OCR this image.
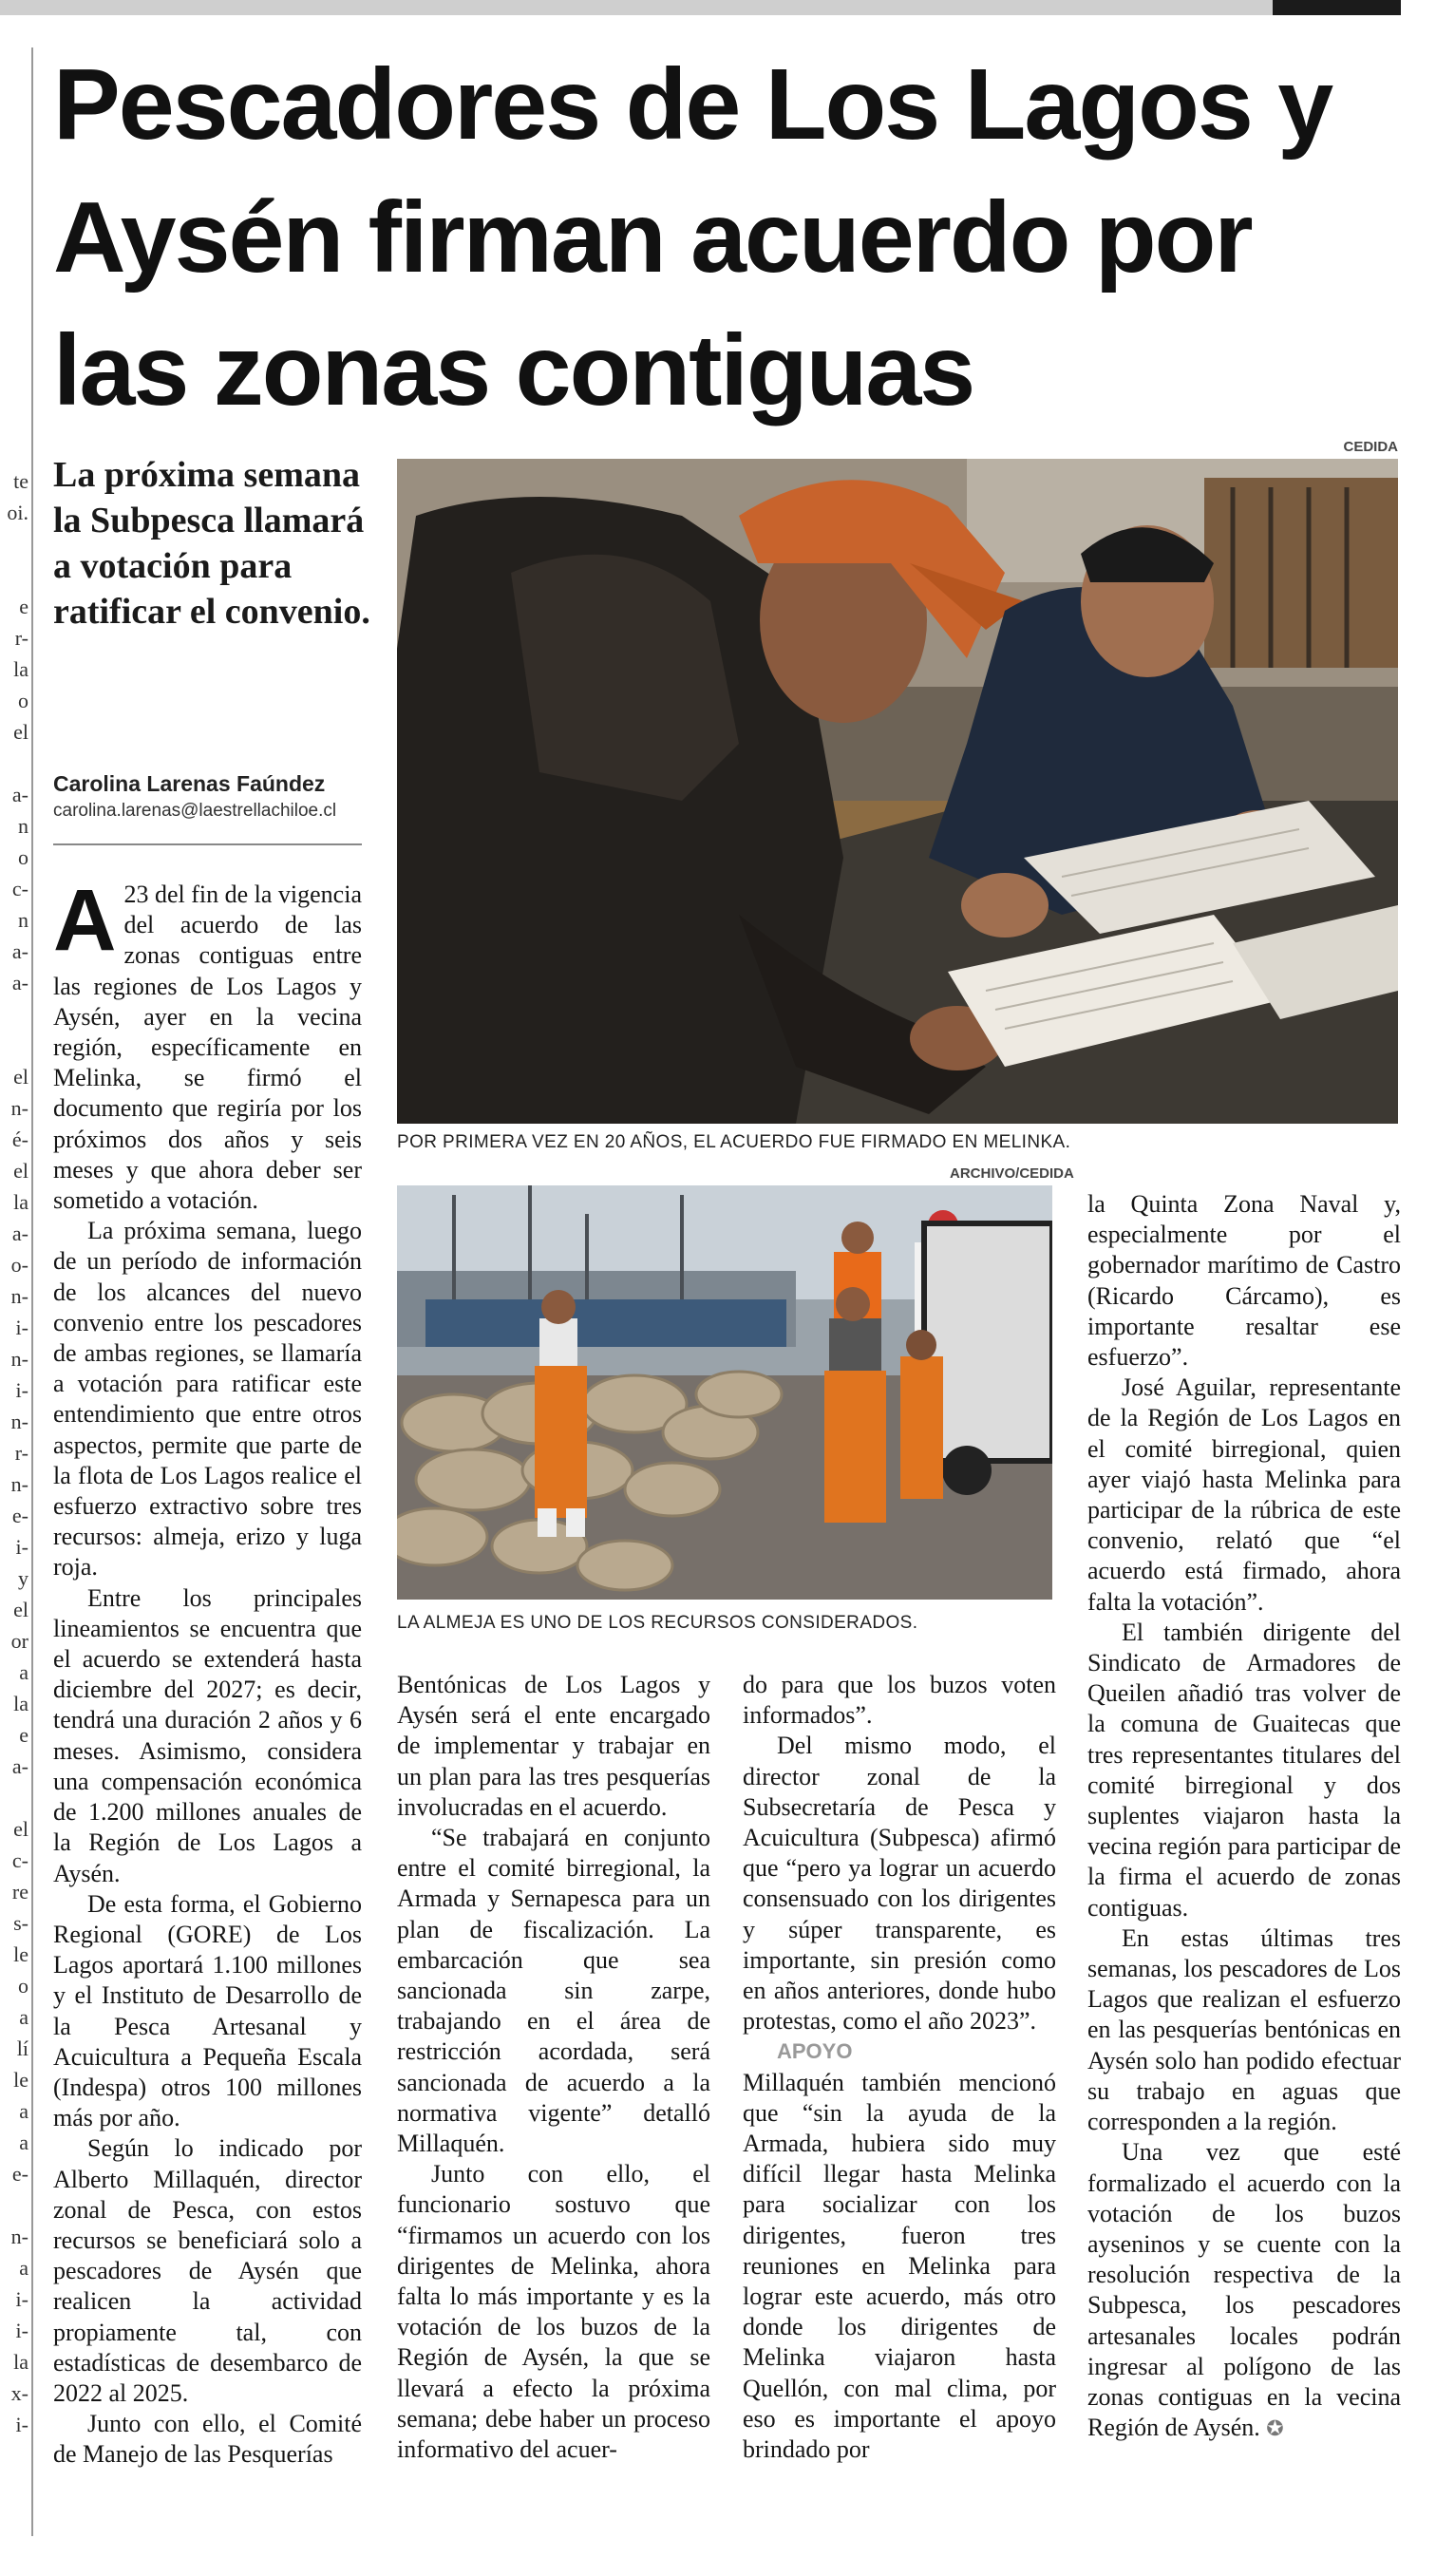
te
oi.
e
r-
la
o
el
a-
n
o
c-
n
a-
a-
el
n-
é-
el
la
a-
o-
n-
i-
n-
i-
n-
r-
n-
e-
i-
y
el
or
a
la
e
a-
el
c-
re
s-
le
o
a
lí
le
a
a
e-
n-
a
i-
i-
la
x-
i-
Pescadores de Los Lagos y Aysén firman acuerdo por las zonas contiguas

La próxima semana la Subpesca llamará a votación para ratificar el convenio.

Carolina Larenas Faúndez
carolina.larenas@laestrellachiloe.cl
CEDIDA
POR PRIMERA VEZ EN 20 AÑOS, EL ACUERDO FUE FIRMADO EN MELINKA.
ARCHIVO/CEDIDA
LA ALMEJA ES UNO DE LOS RECURSOS CONSIDERADOS.

A 23 del fin de la vigencia del acuerdo de las zonas contiguas entre las regiones de Los Lagos y Aysén, ayer en la vecina región, específicamente en Melinka, se firmó el documento que regiría por los próximos dos años y seis meses y que ahora deber ser sometido a votación.

La próxima semana, luego de un período de información de los alcances del nuevo convenio entre los pescadores de ambas regiones, se llamaría a votación para ratificar este entendimiento que entre otros aspectos, permite que parte de la flota de Los Lagos realice el esfuerzo extractivo sobre tres recursos: almeja, erizo y luga roja.

Entre los principales lineamientos se encuentra que el acuerdo se extenderá hasta diciembre del 2027; es decir, tendrá una duración 2 años y 6 meses. Asimismo, considera una compensación económica de 1.200 millones anuales de la Región de Los Lagos a Aysén.

De esta forma, el Gobierno Regional (GORE) de Los Lagos aportará 1.100 millones y el Instituto de Desarrollo de la Pesca Artesanal y Acuicultura a Pequeña Escala (Indespa) otros 100 millones más por año.

Según lo indicado por Alberto Millaquén, director zonal de Pesca, con estos recursos se beneficiará solo a pescadores de Aysén que realicen la actividad propiamente tal, con estadísticas de desembarco de 2022 al 2025.

Junto con ello, el Comité de Manejo de las Pesquerías

Bentónicas de Los Lagos y Aysén será el ente encargado de implementar y trabajar en un plan para las tres pesquerías involucradas en el acuerdo.

“Se trabajará en conjunto entre el comité birregional, la Armada y Sernapesca para un plan de fiscalización. La embarcación que sea sancionada sin zarpe, trabajando en el área de restricción acordada, será sancionada de acuerdo a la normativa vigente” detalló Millaquén.

Junto con ello, el funcionario sostuvo que “firmamos un acuerdo con los dirigentes de Melinka, ahora falta lo más importante y es la votación de los buzos de la Región de Aysén, la que se llevará a efecto la próxima semana; debe haber un proceso informativo del acuer-

do para que los buzos voten informados”.

Del mismo modo, el director zonal de la Subsecretaría de Pesca y Acuicultura (Subpesca) afirmó que “pero ya lograr un acuerdo consensuado con los dirigentes y súper transparente, es importante, sin presión como en años anteriores, donde hubo protestas, como el año 2023”.

APOYO

Millaquén también mencionó que “sin la ayuda de la Armada, hubiera sido muy difícil llegar hasta Melinka para socializar con los dirigentes, fueron tres reuniones en Melinka para lograr este acuerdo, más otro donde los dirigentes de Melinka viajaron hasta Quellón, con mal clima, por eso es importante el apoyo brindado por

la Quinta Zona Naval y, especialmente por el gobernador marítimo de Castro (Ricardo Cárcamo), es importante resaltar ese esfuerzo”.

José Aguilar, representante de la Región de Los Lagos en el comité birregional, quien ayer viajó hasta Melinka para participar de la rúbrica de este convenio, relató que “el acuerdo está firmado, ahora falta la votación”.

El también dirigente del Sindicato de Armadores de Queilen añadió tras volver de la comuna de Guaitecas que tres representantes titulares del comité birregional y dos suplentes viajaron hasta la vecina región para participar de la firma el acuerdo de zonas contiguas.

En estas últimas tres semanas, los pescadores de Los Lagos que realizan el esfuerzo en las pesquerías bentónicas en Aysén solo han podido efectuar su trabajo en aguas que corresponden a la región.

Una vez que esté formalizado el acuerdo con la votación de los buzos ayseninos y se cuente con la resolución respectiva de la Subpesca, los pescadores artesanales locales podrán ingresar al polígono de las zonas contiguas en la vecina Región de Aysén. ✪
